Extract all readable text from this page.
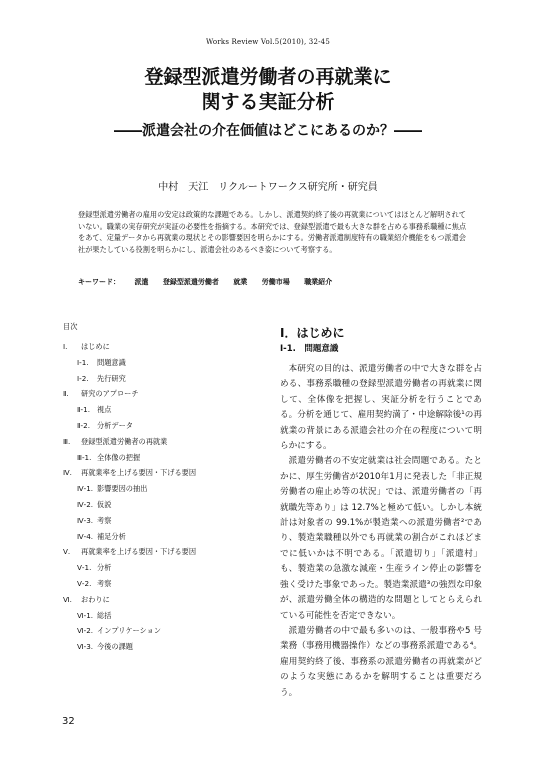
Works Review Vol.5(2010), 32-45
登録型派遣労働者の再就業に
関する実証分析
――派遣会社の介在価値はどこにあるのか？――
中村　天江　リクルートワークス研究所・研究員
登録型派遣労働者の雇用の安定は政策的な課題である。しかし、派遣契約終了後の再就業についてはほとんど解明されていない。職業の実存研究が実証の必要性を指摘する。本研究では、登録型派遣で最も大きな群を占める事務系職種に焦点をあて、定量データから再就業の現状とその影響要因を明らかにする。労働者派遣制度特有の職業紹介機能をもつ派遣会社が果たしている役割を明らかにし、派遣会社のあるべき姿について考察する。
キーワード： 派遣 登録型派遣労働者 就業 労働市場 職業紹介
目次
Ⅰ. はじめに
Ⅰ-1. 問題意識
Ⅰ-2. 先行研究
Ⅱ. 研究のアプローチ
Ⅱ-1. 視点
Ⅱ-2. 分析データ
Ⅲ. 登録型派遣労働者の再就業
Ⅲ-1. 全体像の把握
Ⅳ. 再就業率を上げる要因・下げる要因
Ⅳ-1. 影響要因の抽出
Ⅳ-2. 仮説
Ⅳ-3. 考察
Ⅳ-4. 補足分析
Ⅴ. 再就業率を上げる要因・下げる要因
Ⅴ-1. 分析
Ⅴ-2. 考察
Ⅵ. おわりに
Ⅵ-1. 総括
Ⅵ-2. インプリケーション
Ⅵ-3. 今後の課題
Ⅰ．はじめに
Ⅰ-1.　問題意識

本研究の目的は、派遣労働者の中で大きな群を占める、事務系職種の登録型派遣労働者の再就業に関して、全体像を把握し、実証分析を行うことである。分析を通じて、雇用契約満了・中途解除後¹の再就業の背景にある派遣会社の介在の程度について明らかにする。

派遣労働者の不安定就業は社会問題である。たとかに、厚生労働省が2010年1月に発表した「非正規労働者の雇止め等の状況」では、派遣労働者の「再就職先等あり」は 12.7%と極めて低い。しかし本統計は対象者の 99.1%が製造業への派遣労働者²であり、製造業職種以外でも再就業の割合がこれほどまでに低いかは不明である。「派遣切り」「派遣村」も、製造業の急激な減産・生産ライン停止の影響を強く受けた事象であった。製造業派遣³の強烈な印象が、派遣労働全体の構造的な問題としてとらえられている可能性を否定できない。

派遣労働者の中で最も多いのは、一般事務や5 号業務（事務用機器操作）などの事務系派遣である⁴。雇用契約終了後、事務系の派遣労働者の再就業がどのような実態にあるかを解明することは重要だろう。

32
